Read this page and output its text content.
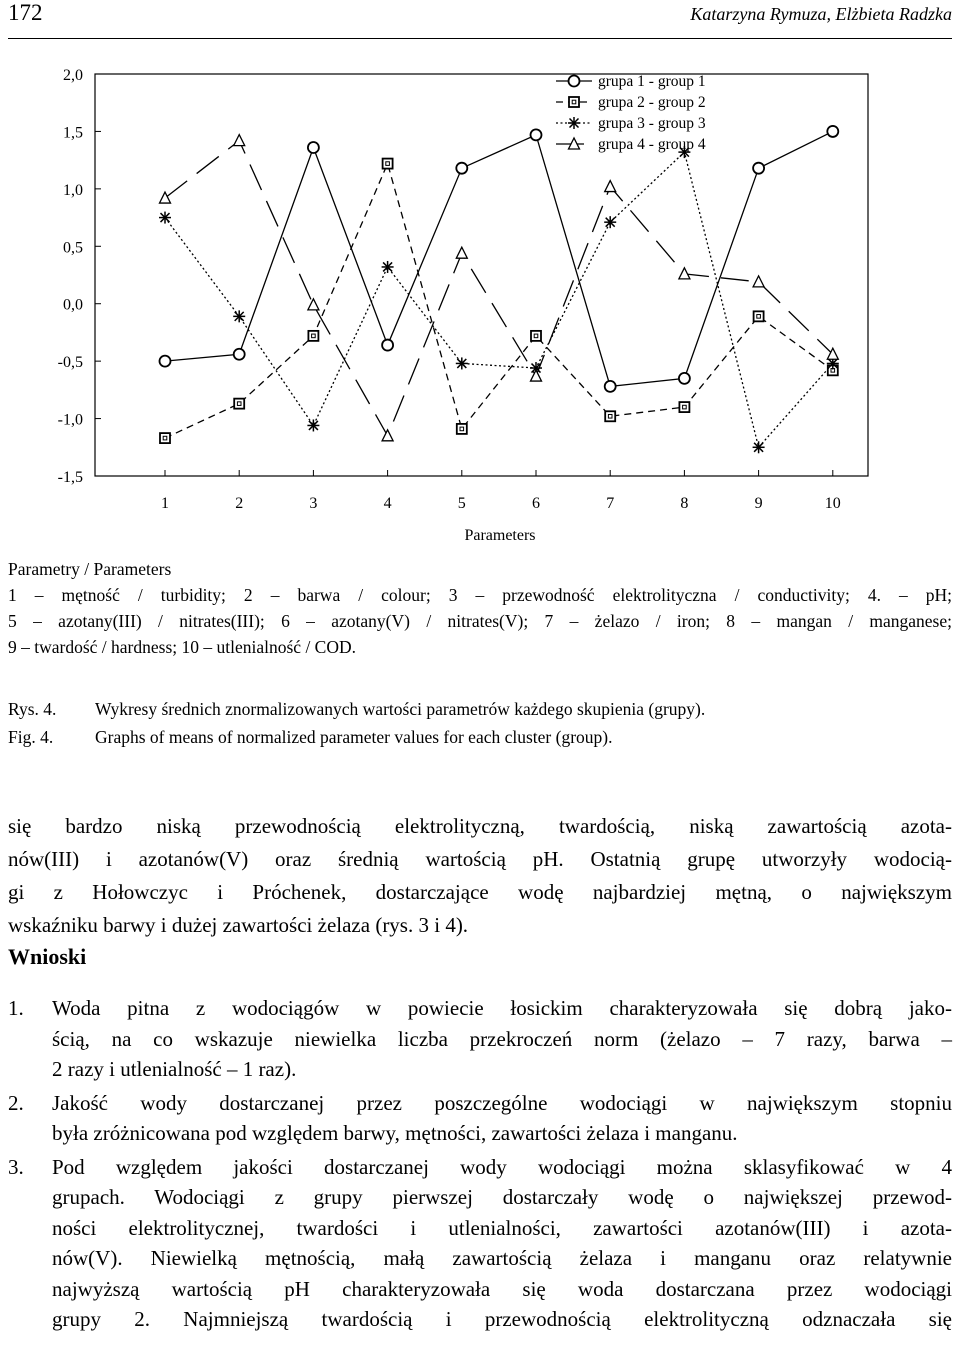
172	Katarzyna Rymuza, Elżbieta Radzka
2,0
1,5
1,0
0,5
0,0
-0,5
-1,0
-1,5
1	2	3	4	5	6	7	8	9	10
grupa 1 - group 1
grupa 2 - group 2
grupa 3 - group 3
grupa 4 - group 4
Parameters
Parametry / Parameters
1 – mętność / turbidity; 2 – barwa / colour; 3 – przewodność elektrolityczna / conductivity; 4. – pH;
5 – azotany(III) / nitrates(III); 6 – azotany(V) / nitrates(V); 7 – żelazo / iron; 8 – mangan / manganese;
9 – twardość / hardness; 10 – utlenialność / COD.
Rys. 4. Wykresy średnich znormalizowanych wartości parametrów każdego skupienia (grupy).
Fig. 4. Graphs of means of normalized parameter values for each cluster (group).
się bardzo niską przewodnością elektrolityczną, twardością, niską zawartością azota-
nów(III) i azotanów(V) oraz średnią wartością pH. Ostatnią grupę utworzyły wodocią-
gi z Hołowczyc i Próchenek, dostarczające wodę najbardziej mętną, o największym
wskaźniku barwy i dużej zawartości żelaza (rys. 3 i 4).
Wnioski
1. Woda pitna z wodociągów w powiecie łosickim charakteryzowała się dobrą jako-
ścią, na co wskazuje niewielka liczba przekroczeń norm (żelazo – 7 razy, barwa –
2 razy i utlenialność – 1 raz).
2. Jakość wody dostarczanej przez poszczególne wodociągi w największym stopniu
była zróżnicowana pod względem barwy, mętności, zawartości żelaza i manganu.
3. Pod względem jakości dostarczanej wody wodociągi można sklasyfikować w 4
grupach. Wodociągi z grupy pierwszej dostarczały wodę o największej przewod-
ności elektrolitycznej, twardości i utlenialności, zawartości azotanów(III) i azota-
nów(V). Niewielką mętnością, małą zawartością żelaza i manganu oraz relatywnie
najwyższą wartością pH charakteryzowała się woda dostarczana przez wodociągi
grupy 2. Najmniejszą twardością i przewodnością elektrolityczną odznaczała się
